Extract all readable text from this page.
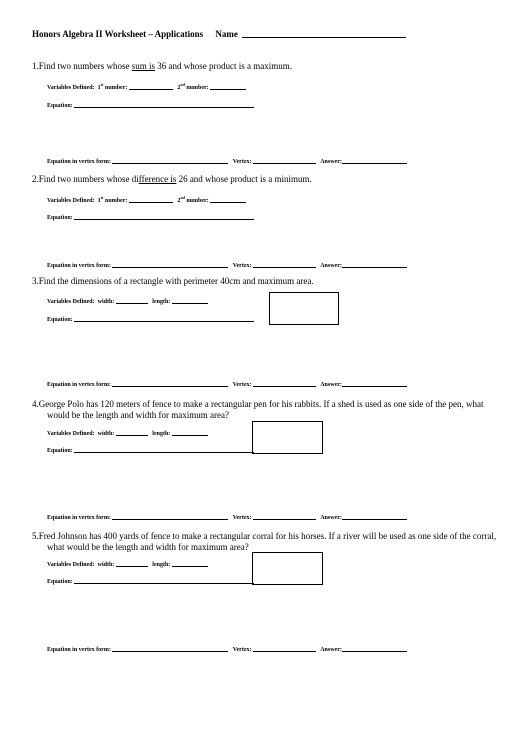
Honors Algebra II Worksheet – Applications Name
1.Find two numbers whose sum is 36 and whose product is a maximum.
Variables Defined: 1st number:	2nd number:
Equation:
Equation in vertex form:	Vertex:	Answer:
2.Find two numbers whose difference is 26 and whose product is a minimum.
Variables Defined: 1st number:	2nd number:
Equation:
Equation in vertex form:	Vertex:	Answer:
3.Find the dimensions of a rectangle with perimeter 40cm and maximum area.
Variables Defined: width:	length:
Equation:
Equation in vertex form:	Vertex:	Answer:
4.George Polo has 120 meters of fence to make a rectangular pen for his rabbits. If a shed is used as one side of the pen, what
would be the length and width for maximum area?
Variables Defined: width:	length:
Equation:
Equation in vertex form:	Vertex:	Answer:
5.Fred Johnson has 400 yards of fence to make a rectangular corral for his horses. If a river will be used as one side of the corral,
what would be the length and width for maximum area?
Variables Defined: width:	length:
Equation:
Equation in vertex form:	Vertex:	Answer:
